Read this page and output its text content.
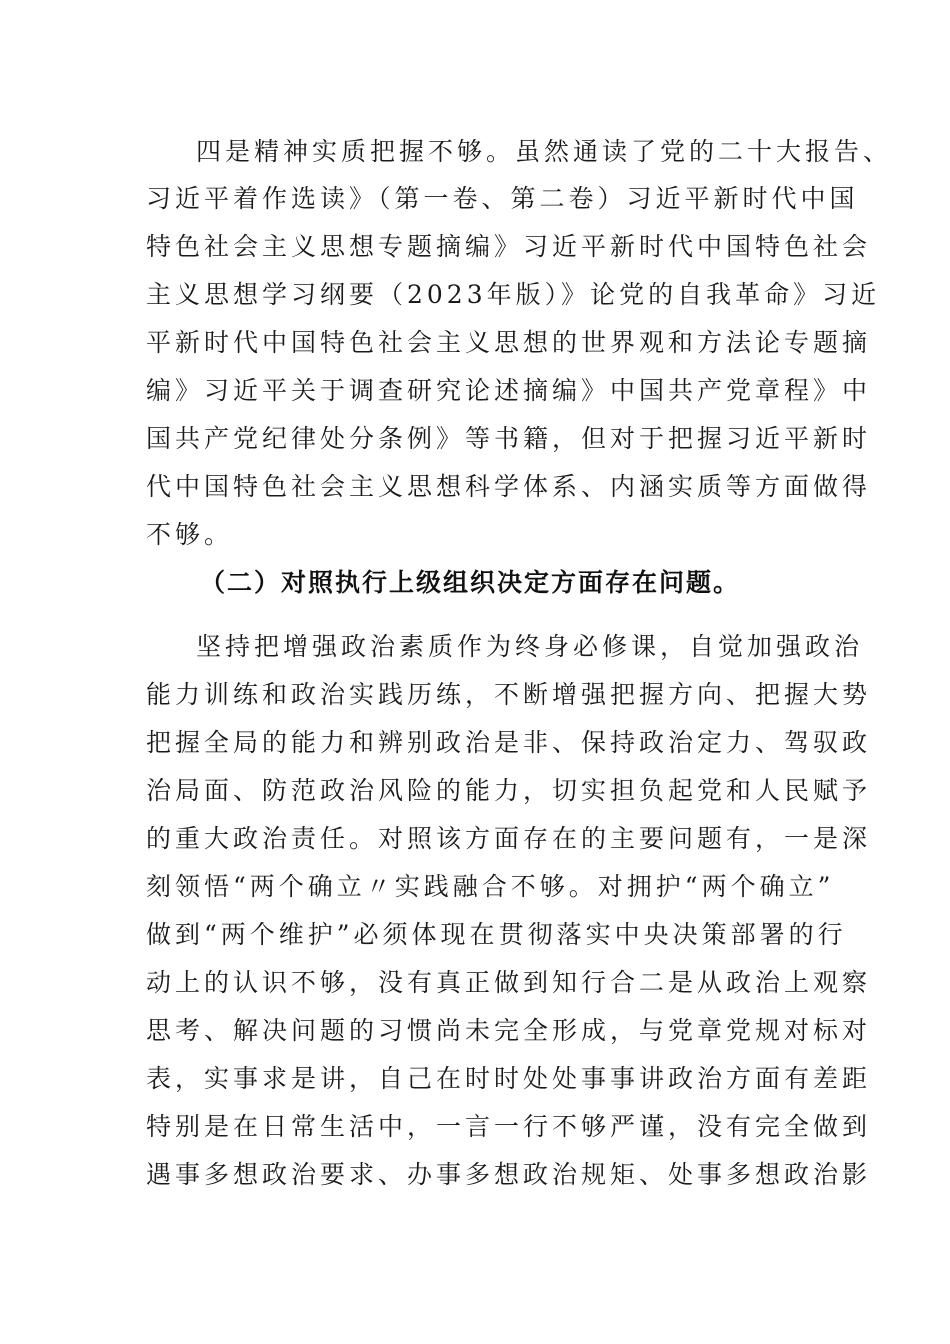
四是精神实质把握不够。虽然通读了党的二十大报告、
习近平着作选读》（第一卷、第二卷）习近平新时代中国
特色社会主义思想专题摘编》习近平新时代中国特色社会
主义思想学习纲要（2023年版）》论党的自我革命》习近
平新时代中国特色社会主义思想的世界观和方法论专题摘
编》习近平关于调查研究论述摘编》中国共产党章程》中
国共产党纪律处分条例》等书籍，但对于把握习近平新时
代中国特色社会主义思想科学体系、内涵实质等方面做得
不够。
（二）对照执行上级组织决定方面存在问题。
坚持把增强政治素质作为终身必修课，自觉加强政治
能力训练和政治实践历练，不断增强把握方向、把握大势
把握全局的能力和辨别政治是非、保持政治定力、驾驭政
治局面、防范政治风险的能力，切实担负起党和人民赋予
的重大政治责任。对照该方面存在的主要问题有，一是深
刻领悟“两个确立〃实践融合不够。对拥护“两个确立”
做到“两个维护”必须体现在贯彻落实中央决策部署的行
动上的认识不够，没有真正做到知行合二是从政治上观察
思考、解决问题的习惯尚未完全形成，与党章党规对标对
表，实事求是讲，自己在时时处处事事讲政治方面有差距
特别是在日常生活中，一言一行不够严谨，没有完全做到
遇事多想政治要求、办事多想政治规矩、处事多想政治影
